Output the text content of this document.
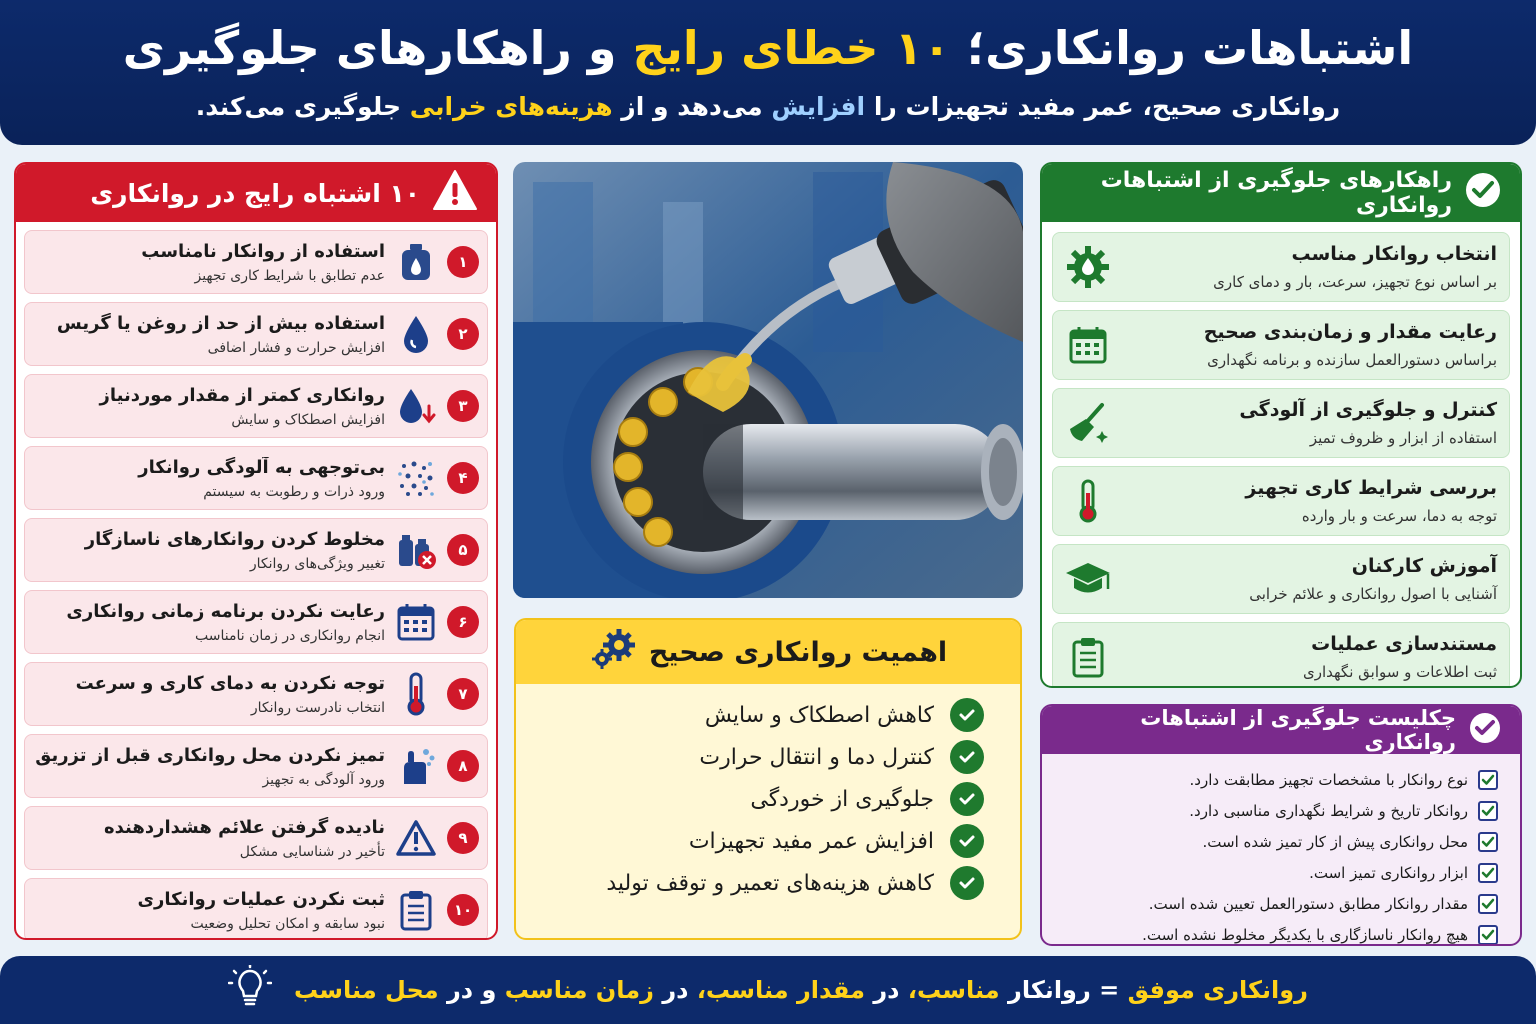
اشتباهات روانکاری؛ ۱۰ خطای رایج و راهکارهای جلوگیری
روانکاری صحیح، عمر مفید تجهیزات را افزایش می‌دهد و از هزینه‌های خرابی جلوگیری می‌کند.
۱۰ اشتباه رایج در روانکاری
۱
استفاده از روانکار نامناسب
عدم تطابق با شرایط کاری تجهیز
۲
استفاده بیش از حد از روغن یا گریس
افزایش حرارت و فشار اضافی
۳
روانکاری کمتر از مقدار موردنیاز
افزایش اصطکاک و سایش
۴
بی‌توجهی به آلودگی روانکار
ورود ذرات و رطوبت به سیستم
۵
مخلوط کردن روانکارهای ناسازگار
تغییر ویژگی‌های روانکار
۶
رعایت نکردن برنامه زمانی روانکاری
انجام روانکاری در زمان نامناسب
۷
توجه نکردن به دمای کاری و سرعت
انتخاب نادرست روانکار
۸
تمیز نکردن محل روانکاری قبل از تزریق
ورود آلودگی به تجهیز
۹
نادیده گرفتن علائم هشداردهنده
تأخیر در شناسایی مشکل
۱۰
ثبت نکردن عملیات روانکاری
نبود سابقه و امکان تحلیل وضعیت
اهمیت روانکاری صحیح
کاهش اصطکاک و سایش
کنترل دما و انتقال حرارت
جلوگیری از خوردگی
افزایش عمر مفید تجهیزات
کاهش هزینه‌های تعمیر و توقف تولید
راهکارهای جلوگیری از اشتباهات روانکاری
انتخاب روانکار مناسب
بر اساس نوع تجهیز، سرعت، بار و دمای کاری
رعایت مقدار و زمان‌بندی صحیح
براساس دستورالعمل سازنده و برنامه نگهداری
کنترل و جلوگیری از آلودگی
استفاده از ابزار و ظروف تمیز
بررسی شرایط کاری تجهیز
توجه به دما، سرعت و بار وارده
آموزش کارکنان
آشنایی با اصول روانکاری و علائم خرابی
مستندسازی عملیات
ثبت اطلاعات و سوابق نگهداری
چکلیست جلوگیری از اشتباهات روانکاری
نوع روانکار با مشخصات تجهیز مطابقت دارد.
روانکار تاریخ و شرایط نگهداری مناسبی دارد.
محل روانکاری پیش از کار تمیز شده است.
ابزار روانکاری تمیز است.
مقدار روانکار مطابق دستورالعمل تعیین شده است.
هیچ روانکار ناسازگاری با یکدیگر مخلوط نشده است.
روانکاری موفق = روانکار مناسب، در مقدار مناسب، در زمان مناسب و در محل مناسب
